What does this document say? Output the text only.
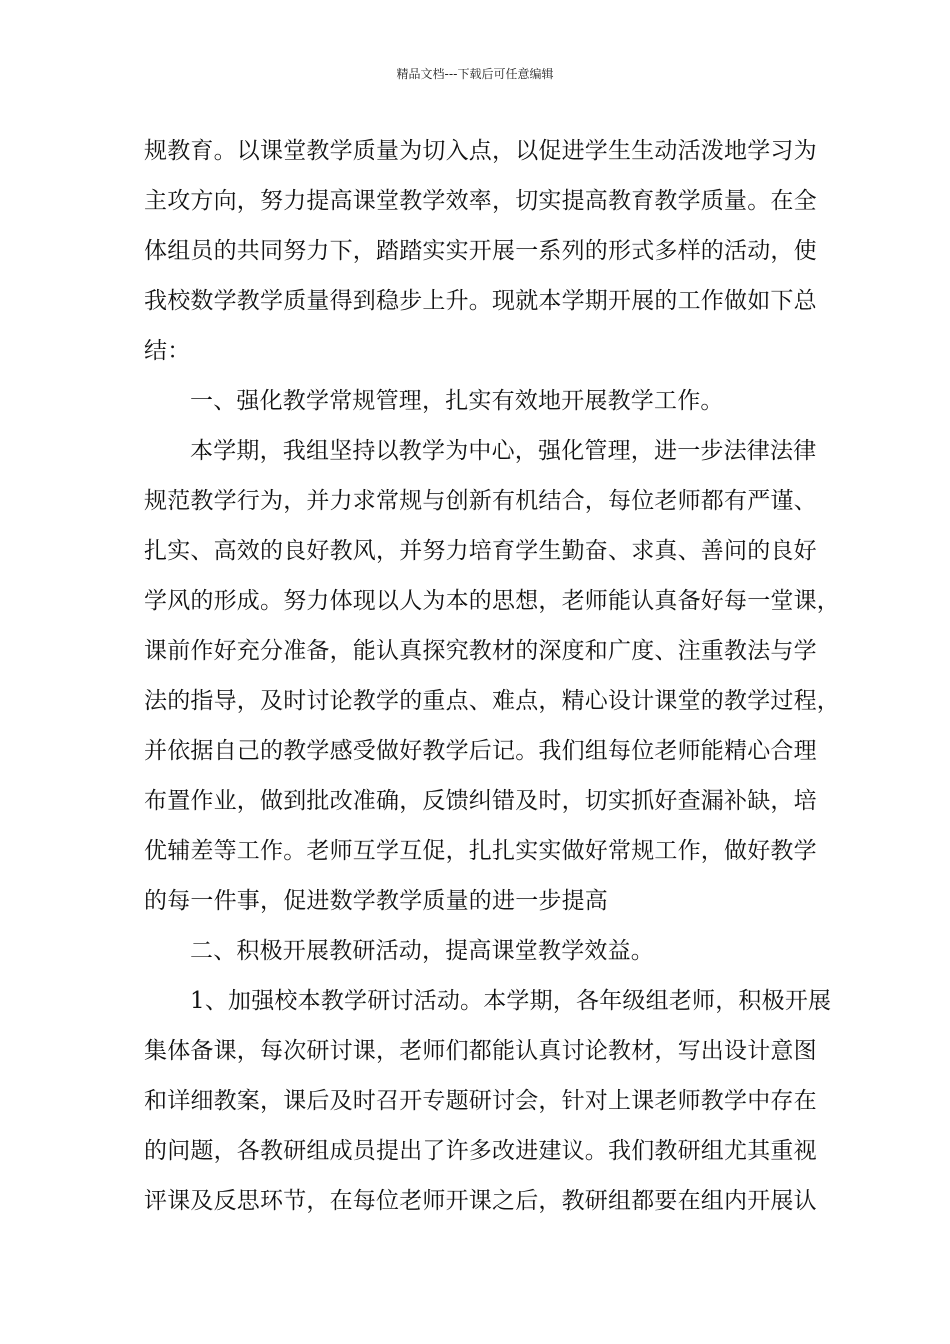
精品文档---下载后可任意编辑
规教育。以课堂教学质量为切入点，以促进学生生动活泼地学习为
主攻方向，努力提高课堂教学效率，切实提高教育教学质量。在全
体组员的共同努力下，踏踏实实开展一系列的形式多样的活动，使
我校数学教学质量得到稳步上升。现就本学期开展的工作做如下总
结：
一、强化教学常规管理，扎实有效地开展教学工作。
本学期，我组坚持以教学为中心，强化管理，进一步法律法律
规范教学行为，并力求常规与创新有机结合，每位老师都有严谨、
扎实、高效的良好教风，并努力培育学生勤奋、求真、善问的良好
学风的形成。努力体现以人为本的思想，老师能认真备好每一堂课，
课前作好充分准备，能认真探究教材的深度和广度、注重教法与学
法的指导，及时讨论教学的重点、难点，精心设计课堂的教学过程，
并依据自己的教学感受做好教学后记。我们组每位老师能精心合理
布置作业，做到批改准确，反馈纠错及时，切实抓好查漏补缺，培
优辅差等工作。老师互学互促，扎扎实实做好常规工作，做好教学
的每一件事，促进数学教学质量的进一步提高
二、积极开展教研活动，提高课堂教学效益。
1、加强校本教学研讨活动。本学期，各年级组老师，积极开展
集体备课，每次研讨课，老师们都能认真讨论教材，写出设计意图
和详细教案，课后及时召开专题研讨会，针对上课老师教学中存在
的问题，各教研组成员提出了许多改进建议。我们教研组尤其重视
评课及反思环节，在每位老师开课之后，教研组都要在组内开展认
